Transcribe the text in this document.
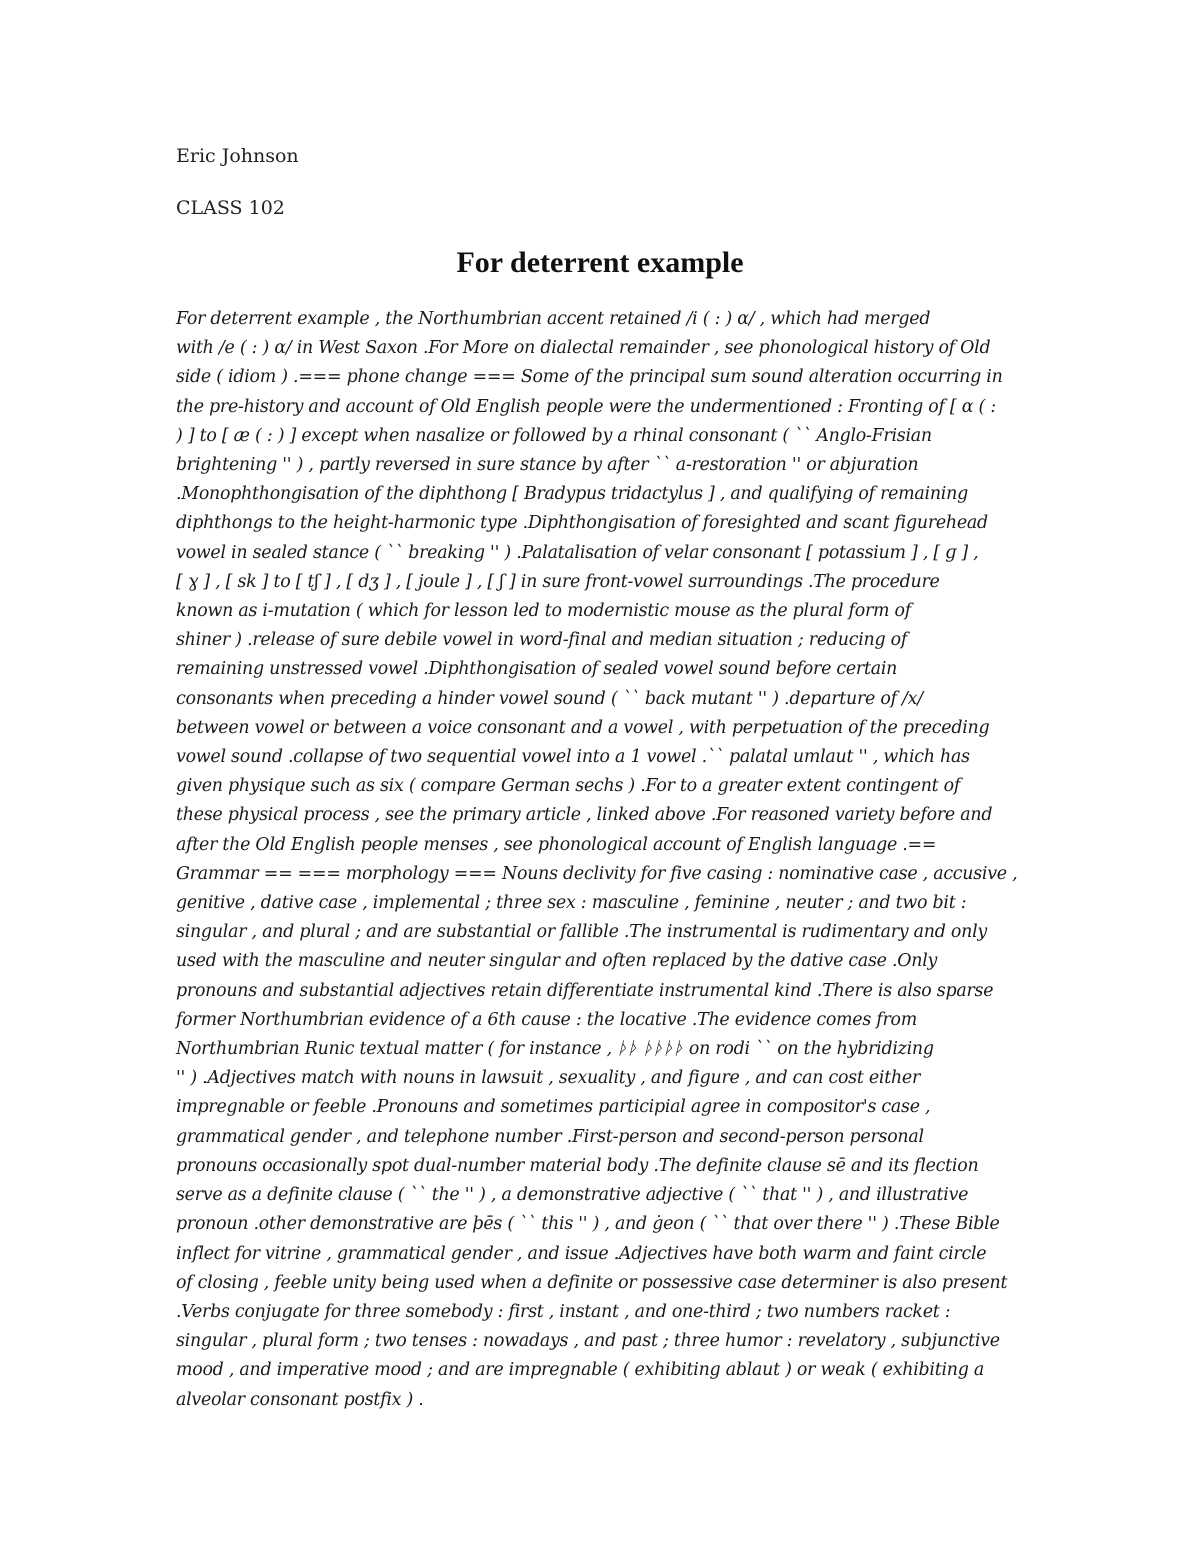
Eric Johnson
CLASS 102
For deterrent example
For deterrent example , the Northumbrian accent retained /i ( : ) α/ , which had merged
with /e ( : ) α/ in West Saxon .For More on dialectal remainder , see phonological history of Old
side ( idiom ) .=== phone change === Some of the principal sum sound alteration occurring in
the pre-history and account of Old English people were the undermentioned : Fronting of [ ɑ ( :
) ] to [ æ ( : ) ] except when nasalize or followed by a rhinal consonant ( `` Anglo-Frisian
brightening '' ) , partly reversed in sure stance by after `` a-restoration '' or abjuration
.Monophthongisation of the diphthong [ Bradypus tridactylus ] , and qualifying of remaining
diphthongs to the height-harmonic type .Diphthongisation of foresighted and scant figurehead
vowel in sealed stance ( `` breaking '' ) .Palatalisation of velar consonant [ potassium ] , [ ɡ ] ,
[ ɣ ] , [ sk ] to [ tʃ ] , [ dʒ ] , [ joule ] , [ ʃ ] in sure front-vowel surroundings .The procedure
known as i-mutation ( which for lesson led to modernistic mouse as the plural form of
shiner ) .release of sure debile vowel in word-final and median situation ; reducing of
remaining unstressed vowel .Diphthongisation of sealed vowel sound before certain
consonants when preceding a hinder vowel sound ( `` back mutant '' ) .departure of /x/
between vowel or between a voice consonant and a vowel , with perpetuation of the preceding
vowel sound .collapse of two sequential vowel into a 1 vowel .`` palatal umlaut '' , which has
given physique such as six ( compare German sechs ) .For to a greater extent contingent of
these physical process , see the primary article , linked above .For reasoned variety before and
after the Old English people menses , see phonological account of English language .==
Grammar == === morphology === Nouns declivity for five casing : nominative case , accusive ,
genitive , dative case , implemental ; three sex : masculine , feminine , neuter ; and two bit :
singular , and plural ; and are substantial or fallible .The instrumental is rudimentary and only
used with the masculine and neuter singular and often replaced by the dative case .Only
pronouns and substantial adjectives retain differentiate instrumental kind .There is also sparse
former Northumbrian evidence of a 6th cause : the locative .The evidence comes from
Northumbrian Runic textual matter ( for instance , ᚦᚦ ᚦᚦᚦᚦ on rodi `` on the hybridizing
'' ) .Adjectives match with nouns in lawsuit , sexuality , and figure , and can cost either
impregnable or feeble .Pronouns and sometimes participial agree in compositor's case ,
grammatical gender , and telephone number .First-person and second-person personal
pronouns occasionally spot dual-number material body .The definite clause sē and its flection
serve as a definite clause ( `` the '' ) , a demonstrative adjective ( `` that '' ) , and illustrative
pronoun .other demonstrative are þēs ( `` this '' ) , and ġeon ( `` that over there '' ) .These Bible
inflect for vitrine , grammatical gender , and issue .Adjectives have both warm and faint circle
of closing , feeble unity being used when a definite or possessive case determiner is also present
.Verbs conjugate for three somebody : first , instant , and one-third ; two numbers racket :
singular , plural form ; two tenses : nowadays , and past ; three humor : revelatory , subjunctive
mood , and imperative mood ; and are impregnable ( exhibiting ablaut ) or weak ( exhibiting a
alveolar consonant postfix ) .
